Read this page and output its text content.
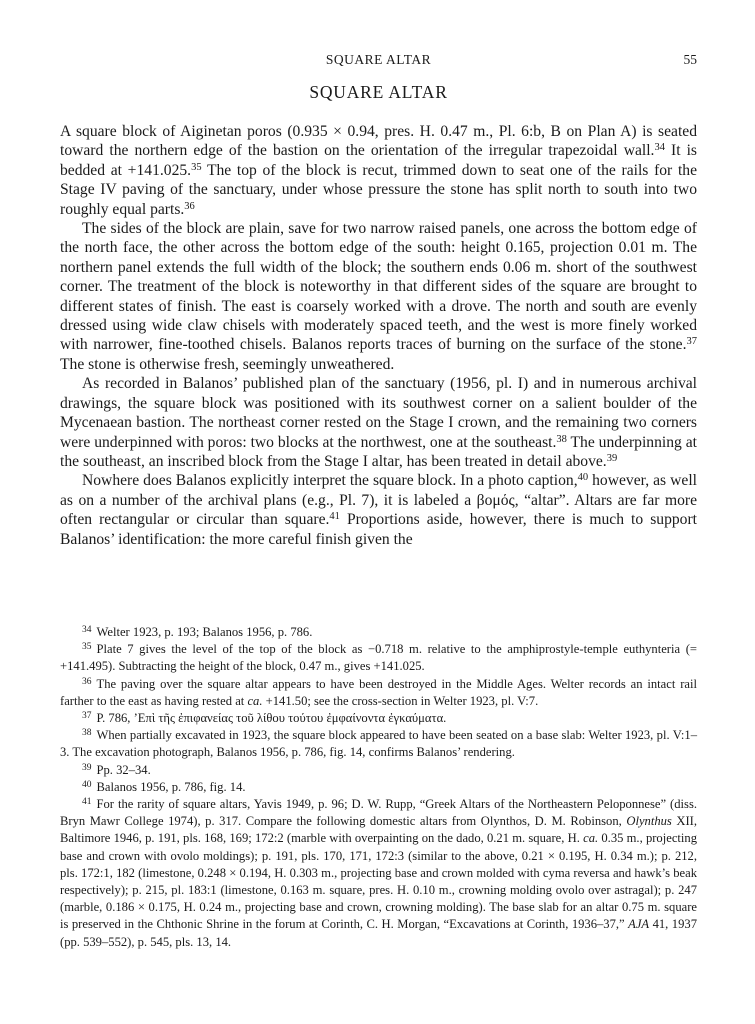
SQUARE ALTAR	55
SQUARE ALTAR

A square block of Aiginetan poros (0.935 × 0.94, pres. H. 0.47 m., Pl. 6:b, B on Plan A) is seated toward the northern edge of the bastion on the orientation of the irregular trapezoidal wall.$^{34}$ It is bedded at +141.025.35 The top of the block is recut, trimmed down to seat one of the rails for the Stage IV paving of the sanctuary, under whose pressure the stone has split north to south into two roughly equal parts.$^{36}$

The sides of the block are plain, save for two narrow raised panels, one across the bottom edge of the north face, the other across the bottom edge of the south: height 0.165, projection 0.01 m. The northern panel extends the full width of the block; the southern ends 0.06 m. short of the southwest corner. The treatment of the block is noteworthy in that different sides of the square are brought to different states of finish. The east is coarsely worked with a drove. The north and south are evenly dressed using wide claw chisels with moderately spaced teeth, and the west is more finely worked with narrower, fine-toothed chisels. Balanos reports traces of burning on the surface of the stone.$^{37}$ The stone is otherwise fresh, seemingly unweathered.

As recorded in Balanos’ published plan of the sanctuary (1956, pl. I) and in numerous archival drawings, the square block was positioned with its southwest corner on a salient boulder of the Mycenaean bastion. The northeast corner rested on the Stage I crown, and the remaining two corners were underpinned with poros: two blocks at the northwest, one at the southeast.$^{38}$ The underpinning at the southeast, an inscribed block from the Stage I altar, has been treated in detail above.$^{39}$

Nowhere does Balanos explicitly interpret the square block. In a photo caption,$^{40}$ however, as well as on a number of the archival plans (e.g., Pl. 7), it is labeled a βομός, “altar”. Altars are far more often rectangular or circular than square.$^{41}$ Proportions aside, however, there is much to support Balanos’ identification: the more careful finish given the

$^{34}$ Welter 1923, p. 193; Balanos 1956, p. 786.

$^{35}$ Plate 7 gives the level of the top of the block as −0.718 m. relative to the amphiprostyle-temple euthynteria (= +141.495). Subtracting the height of the block, 0.47 m., gives +141.025.

$^{36}$ The paving over the square altar appears to have been destroyed in the Middle Ages. Welter records an intact rail farther to the east as having rested at ca. +141.50; see the cross-section in Welter 1923, pl. V:7.

$^{37}$ P. 786, ’Επὶ τῆς ἐπιφανείας τοῦ λίθου τούτου ἐμφαίνοντα ἐγκαύματα.

$^{38}$ When partially excavated in 1923, the square block appeared to have been seated on a base slab: Welter 1923, pl. V:1–3. The excavation photograph, Balanos 1956, p. 786, fig. 14, confirms Balanos’ rendering.

$^{39}$ Pp. 32–34.

$^{40}$ Balanos 1956, p. 786, fig. 14.

$^{41}$ For the rarity of square altars, Yavis 1949, p. 96; D. W. Rupp, “Greek Altars of the Northeastern Peloponnese” (diss. Bryn Mawr College 1974), p. 317. Compare the following domestic altars from Olynthos, D. M. Robinson, Olynthus XII, Baltimore 1946, p. 191, pls. 168, 169; 172:2 (marble with overpainting on the dado, 0.21 m. square, H. ca. 0.35 m., projecting base and crown with ovolo moldings); p. 191, pls. 170, 171, 172:3 (similar to the above, 0.21 × 0.195, H. 0.34 m.); p. 212, pls. 172:1, 182 (limestone, 0.248 × 0.194, H. 0.303 m., projecting base and crown molded with cyma reversa and hawk’s beak respectively); p. 215, pl. 183:1 (limestone, 0.163 m. square, pres. H. 0.10 m., crowning molding ovolo over astragal); p. 247 (marble, 0.186 × 0.175, H. 0.24 m., projecting base and crown, crowning molding). The base slab for an altar 0.75 m. square is preserved in the Chthonic Shrine in the forum at Corinth, C. H. Morgan, “Excavations at Corinth, 1936–37,” AJA 41, 1937 (pp. 539–552), p. 545, pls. 13, 14.
